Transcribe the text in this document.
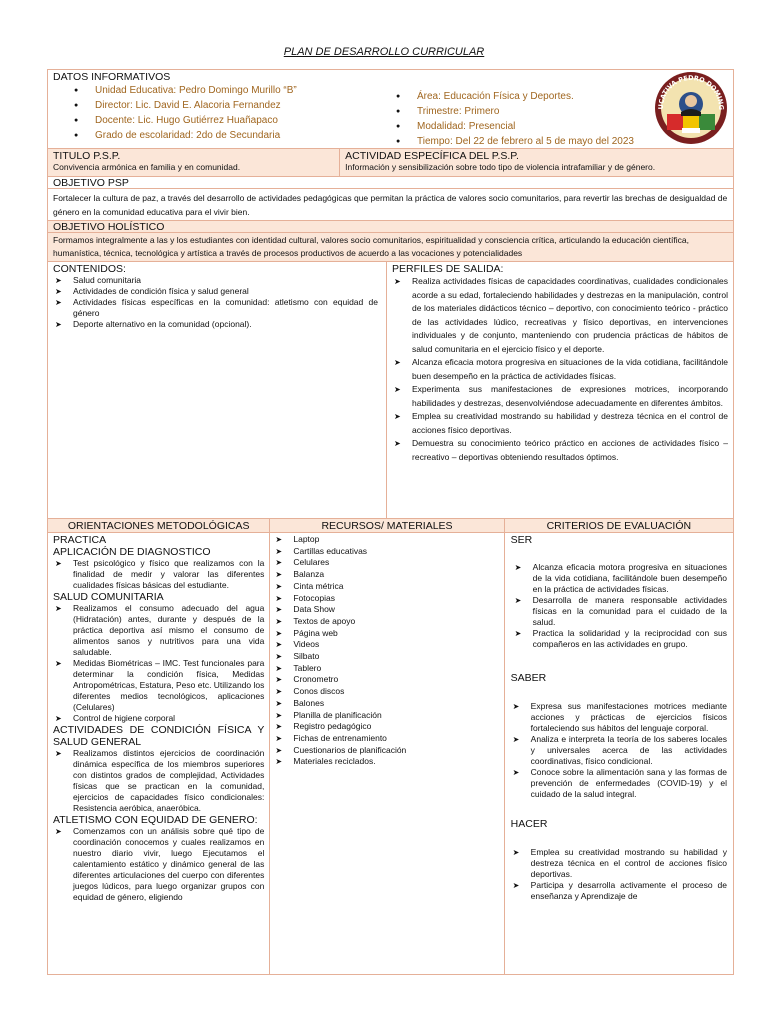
PLAN DE DESARROLLO CURRICULAR
DATOS INFORMATIVOS
● Unidad Educativa: Pedro Domingo Murillo “B”
● Director: Lic. David E. Alacoria Fernandez
● Docente: Lic. Hugo Gutiérrez Huañapaco
● Grado de escolaridad: 2do de Secundaria
● Área: Educación Física y Deportes.
● Trimestre: Primero
● Modalidad: Presencial
● Tiempo: Del 22 de febrero al 5 de mayo del 2023
UCATIVA PEDRO DOMING
TITULO P.S.P.
Convivencia armónica en familia y en comunidad.
ACTIVIDAD ESPECÍFICA DEL P.S.P.
Información y sensibilización sobre todo tipo de violencia intrafamiliar y de género.
OBJETIVO PSP
Fortalecer la cultura de paz, a través del desarrollo de actividades pedagógicas que permitan la práctica de valores socio comunitarios, para revertir las brechas de desigualdad de género en la comunidad educativa para el vivir bien.
OBJETIVO HOLÍSTICO
Formamos integralmente a las y los estudiantes con identidad cultural, valores socio comunitarios, espiritualidad y consciencia crítica, articulando la educación científica, humanística, técnica, tecnológica y artística a través de procesos productivos de acuerdo a las vocaciones y potencialidades
CONTENIDOS:
➤ Salud comunitaria
➤ Actividades de condición física y salud general
➤ Actividades físicas específicas en la comunidad: atletismo con equidad de género
➤ Deporte alternativo en la comunidad (opcional).
PERFILES DE SALIDA:
➤ Realiza actividades físicas de capacidades coordinativas, cualidades condicionales acorde a su edad, fortaleciendo habilidades y destrezas en la manipulación, control de los materiales didácticos técnico – deportivo, con conocimiento teórico - práctico de las actividades lúdico, recreativas y físico deportivas, en intervenciones individuales y de conjunto, manteniendo con prudencia prácticas de hábitos de salud comunitaria en el ejercicio físico y el deporte.
➤ Alcanza eficacia motora progresiva en situaciones de la vida cotidiana, facilitándole buen desempeño en la práctica de actividades físicas.
➤ Experimenta sus manifestaciones de expresiones motrices, incorporando habilidades y destrezas, desenvolviéndose adecuadamente en diferentes ámbitos.
➤ Emplea su creatividad mostrando su habilidad y destreza técnica en el control de acciones físico deportivas.
➤ Demuestra su conocimiento teórico práctico en acciones de actividades físico – recreativo – deportivas obteniendo resultados óptimos.
ORIENTACIONES METODOLÓGICAS	RECURSOS/ MATERIALES	CRITERIOS DE EVALUACIÓN
PRACTICA
APLICACIÓN DE DIAGNOSTICO
➤ Test psicológico y físico que realizamos con la finalidad de medir y valorar las diferentes cualidades físicas básicas del estudiante.
SALUD COMUNITARIA
➤ Realizamos el consumo adecuado del agua (Hidratación) antes, durante y después de la práctica deportiva así mismo el consumo de alimentos sanos y nutritivos para una vida saludable.
➤ Medidas Biométricas – IMC. Test funcionales para determinar la condición física, Medidas Antropométricas, Estatura, Peso etc. Utilizando los diferentes medios tecnológicos, aplicaciones (Celulares)
➤ Control de higiene corporal
ACTIVIDADES DE CONDICIÓN FÍSICA Y SALUD GENERAL
➤ Realizamos distintos ejercicios de coordinación dinámica específica de los miembros superiores con distintos grados de complejidad, Actividades físicas que se practican en la comunidad, ejercicios de capacidades físico condicionales: Resistencia aeróbica, anaeróbica.
ATLETISMO CON EQUIDAD DE GENERO:
➤ Comenzamos con un análisis sobre qué tipo de coordinación conocemos y cuales realizamos en nuestro diario vivir, luego Ejecutamos el calentamiento estático y dinámico general de las diferentes articulaciones del cuerpo con diferentes juegos lúdicos, para luego organizar grupos con equidad de género, eligiendo
➤ Laptop
➤ Cartillas educativas
➤ Celulares
➤ Balanza
➤ Cinta métrica
➤ Fotocopias
➤ Data Show
➤ Textos de apoyo
➤ Página web
➤ Videos
➤ Silbato
➤ Tablero
➤ Cronometro
➤ Conos discos
➤ Balones
➤ Planilla de planificación
➤ Registro pedagógico
➤ Fichas de entrenamiento
➤ Cuestionarios de planificación
➤ Materiales reciclados.
SER
➤ Alcanza eficacia motora progresiva en situaciones de la vida cotidiana, facilitándole buen desempeño en la práctica de actividades físicas.
➤ Desarrolla de manera responsable actividades físicas en la comunidad para el cuidado de la salud.
➤ Practica la solidaridad y la reciprocidad con sus compañeros en las actividades en grupo.
SABER
➤ Expresa sus manifestaciones motrices mediante acciones y prácticas de ejercicios físicos fortaleciendo sus hábitos del lenguaje corporal.
➤ Analiza e interpreta la teoría de los saberes locales y universales acerca de las actividades coordinativas, físico condicional.
➤ Conoce sobre la alimentación sana y las formas de prevención de enfermedades (COVID-19) y el cuidado de la salud integral.
HACER
➤ Emplea su creatividad mostrando su habilidad y destreza técnica en el control de acciones físico deportivas.
➤ Participa y desarrolla activamente el proceso de enseñanza y Aprendizaje de
